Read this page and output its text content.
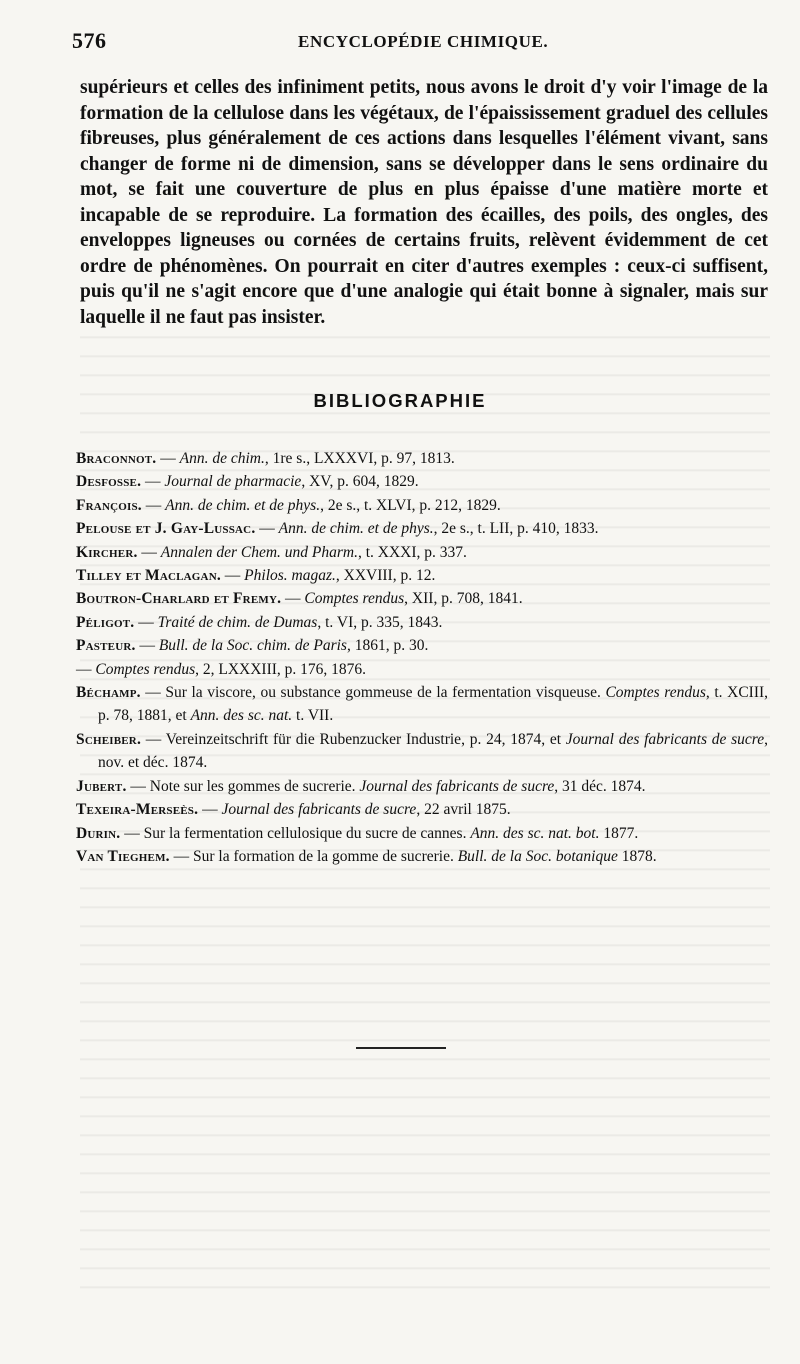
576	ENCYCLOPÉDIE CHIMIQUE.

supérieurs et celles des infiniment petits, nous avons le droit d'y voir l'image de la formation de la cellulose dans les végétaux, de l'épaississement graduel des cellules fibreuses, plus généralement de ces actions dans lesquelles l'élément vivant, sans changer de forme ni de dimension, sans se développer dans le sens ordinaire du mot, se fait une couverture de plus en plus épaisse d'une matière morte et incapable de se reproduire. La formation des écailles, des poils, des ongles, des enveloppes ligneuses ou cornées de certains fruits, relèvent évidemment de cet ordre de phénomènes. On pourrait en citer d'autres exemples : ceux-ci suffisent, puis qu'il ne s'agit encore que d'une analogie qui était bonne à signaler, mais sur laquelle il ne faut pas insister.

BIBLIOGRAPHIE

Braconnot. — Ann. de chim., 1re s., LXXXVI, p. 97, 1813.

Desfosse. — Journal de pharmacie, XV, p. 604, 1829.

François. — Ann. de chim. et de phys., 2e s., t. XLVI, p. 212, 1829.

Pelouse et J. Gay-Lussac. — Ann. de chim. et de phys., 2e s., t. LII, p. 410, 1833.

Kircher. — Annalen der Chem. und Pharm., t. XXXI, p. 337.

Tilley et Maclagan. — Philos. magaz., XXVIII, p. 12.

Boutron-Charlard et Fremy. — Comptes rendus, XII, p. 708, 1841.

Péligot. — Traité de chim. de Dumas, t. VI, p. 335, 1843.

Pasteur. — Bull. de la Soc. chim. de Paris, 1861, p. 30.

— Comptes rendus, 2, LXXXIII, p. 176, 1876.

Béchamp. — Sur la viscore, ou substance gommeuse de la fermentation visqueuse. Comptes rendus, t. XCIII, p. 78, 1881, et Ann. des sc. nat. t. VII.

Scheiber. — Vereinzeitschrift für die Rubenzucker Industrie, p. 24, 1874, et Journal des fabricants de sucre, nov. et déc. 1874.

Jubert. — Note sur les gommes de sucrerie. Journal des fabricants de sucre, 31 déc. 1874.

Texeira-Merseès. — Journal des fabricants de sucre, 22 avril 1875.

Durin. — Sur la fermentation cellulosique du sucre de cannes. Ann. des sc. nat. bot. 1877.

Van Tieghem. — Sur la formation de la gomme de sucrerie. Bull. de la Soc. botanique 1878.
